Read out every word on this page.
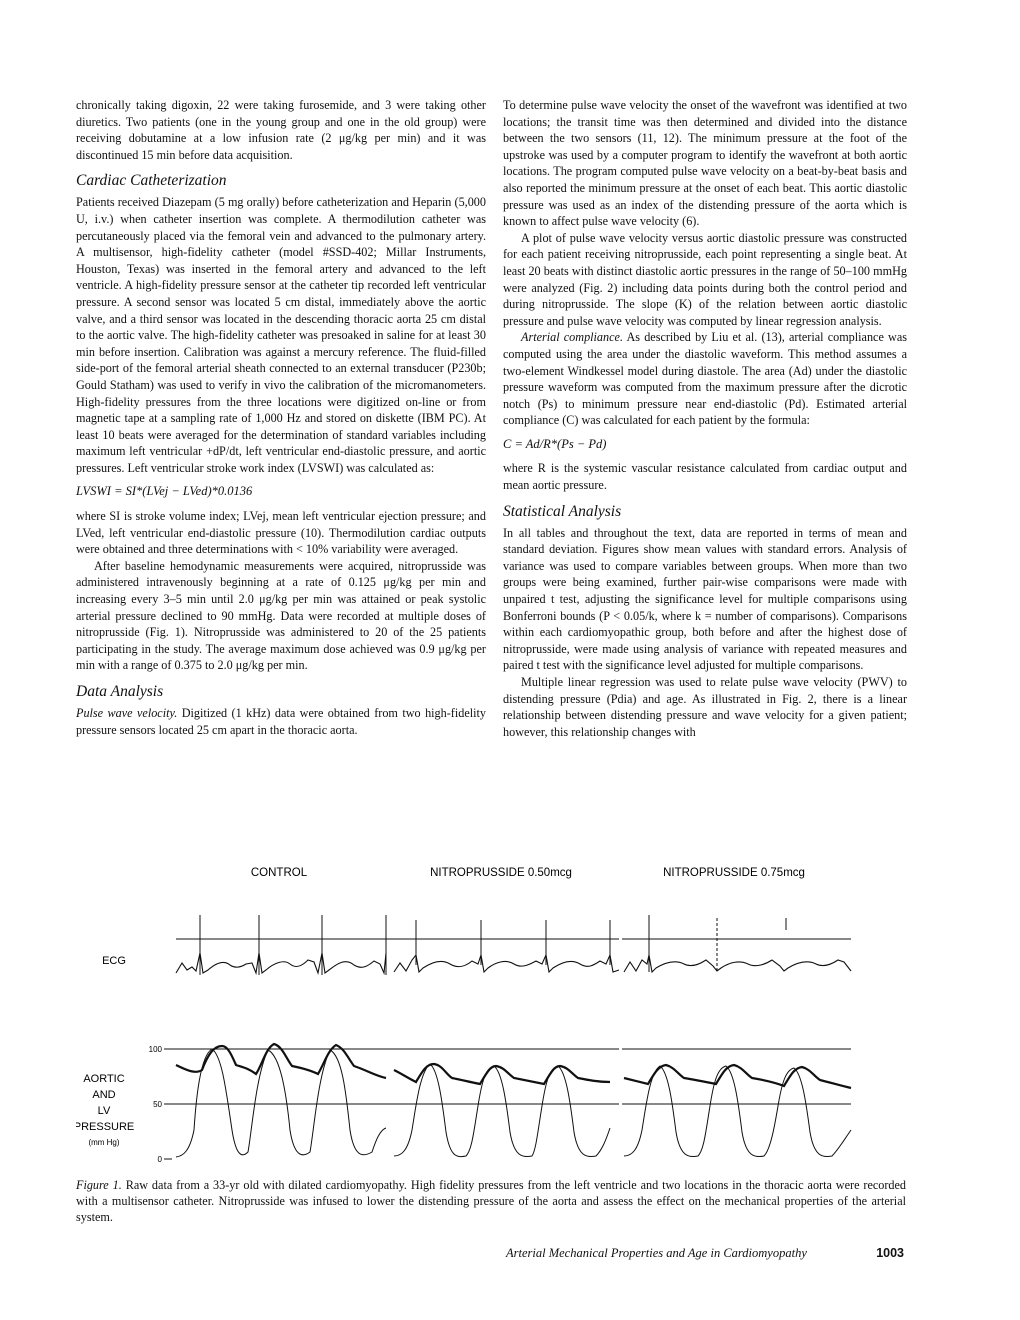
chronically taking digoxin, 22 were taking furosemide, and 3 were taking other diuretics. Two patients (one in the young group and one in the old group) were receiving dobutamine at a low infusion rate (2 μg/kg per min) and it was discontinued 15 min before data acquisition.

Cardiac Catheterization

Patients received Diazepam (5 mg orally) before catheterization and Heparin (5,000 U, i.v.) when catheter insertion was complete. A thermodilution catheter was percutaneously placed via the femoral vein and advanced to the pulmonary artery. A multisensor, high-fidelity catheter (model #SSD-402; Millar Instruments, Houston, Texas) was inserted in the femoral artery and advanced to the left ventricle. A high-fidelity pressure sensor at the catheter tip recorded left ventricular pressure. A second sensor was located 5 cm distal, immediately above the aortic valve, and a third sensor was located in the descending thoracic aorta 25 cm distal to the aortic valve. The high-fidelity catheter was presoaked in saline for at least 30 min before insertion. Calibration was against a mercury reference. The fluid-filled side-port of the femoral arterial sheath connected to an external transducer (P230b; Gould Statham) was used to verify in vivo the calibration of the micromanometers. High-fidelity pressures from the three locations were digitized on-line or from magnetic tape at a sampling rate of 1,000 Hz and stored on diskette (IBM PC). At least 10 beats were averaged for the determination of standard variables including maximum left ventricular +dP/dt, left ventricular end-diastolic pressure, and aortic pressures. Left ventricular stroke work index (LVSWI) was calculated as:

LVSWI = SI*(LVej − LVed)*0.0136

where SI is stroke volume index; LVej, mean left ventricular ejection pressure; and LVed, left ventricular end-diastolic pressure (10). Thermodilution cardiac outputs were obtained and three determinations with < 10% variability were averaged.

After baseline hemodynamic measurements were acquired, nitroprusside was administered intravenously beginning at a rate of 0.125 μg/kg per min and increasing every 3–5 min until 2.0 μg/kg per min was attained or peak systolic arterial pressure declined to 90 mmHg. Data were recorded at multiple doses of nitroprusside (Fig. 1). Nitroprusside was administered to 20 of the 25 patients participating in the study. The average maximum dose achieved was 0.9 μg/kg per min with a range of 0.375 to 2.0 μg/kg per min.

Data Analysis

Pulse wave velocity. Digitized (1 kHz) data were obtained from two high-fidelity pressure sensors located 25 cm apart in the thoracic aorta.

To determine pulse wave velocity the onset of the wavefront was identified at two locations; the transit time was then determined and divided into the distance between the two sensors (11, 12). The minimum pressure at the foot of the upstroke was used by a computer program to identify the wavefront at both aortic locations. The program computed pulse wave velocity on a beat-by-beat basis and also reported the minimum pressure at the onset of each beat. This aortic diastolic pressure was used as an index of the distending pressure of the aorta which is known to affect pulse wave velocity (6).

A plot of pulse wave velocity versus aortic diastolic pressure was constructed for each patient receiving nitroprusside, each point representing a single beat. At least 20 beats with distinct diastolic aortic pressures in the range of 50–100 mmHg were analyzed (Fig. 2) including data points during both the control period and during nitroprusside. The slope (K) of the relation between aortic diastolic pressure and pulse wave velocity was computed by linear regression analysis.

Arterial compliance. As described by Liu et al. (13), arterial compliance was computed using the area under the diastolic waveform. This method assumes a two-element Windkessel model during diastole. The area (Ad) under the diastolic pressure waveform was computed from the maximum pressure after the dicrotic notch (Ps) to minimum pressure near end-diastolic (Pd). Estimated arterial compliance (C) was calculated for each patient by the formula:

C = Ad/R*(Ps − Pd)

where R is the systemic vascular resistance calculated from cardiac output and mean aortic pressure.

Statistical Analysis

In all tables and throughout the text, data are reported in terms of mean and standard deviation. Figures show mean values with standard errors. Analysis of variance was used to compare variables between groups. When more than two groups were being examined, further pair-wise comparisons were made with unpaired t test, adjusting the significance level for multiple comparisons using Bonferroni bounds (P < 0.05/k, where k = number of comparisons). Comparisons within each cardiomyopathic group, both before and after the highest dose of nitroprusside, were made using analysis of variance with repeated measures and paired t test with the significance level adjusted for multiple comparisons.

Multiple linear regression was used to relate pulse wave velocity (PWV) to distending pressure (Pdia) and age. As illustrated in Fig. 2, there is a linear relationship between distending pressure and wave velocity for a given patient; however, this relationship changes with

CONTROL	NITROPRUSSIDE 0.50mcg	NITROPRUSSIDE 0.75mcg
ECG
AORTIC
AND
LV
PRESSURE
(mm Hg)
100
50
0
Figure 1. Raw data from a 33-yr old with dilated cardiomyopathy. High fidelity pressures from the left ventricle and two locations in the thoracic aorta were recorded with a multisensor catheter. Nitroprusside was infused to lower the distending pressure of the aorta and assess the effect on the mechanical properties of the arterial system.
Arterial Mechanical Properties and Age in Cardiomyopathy	1003
